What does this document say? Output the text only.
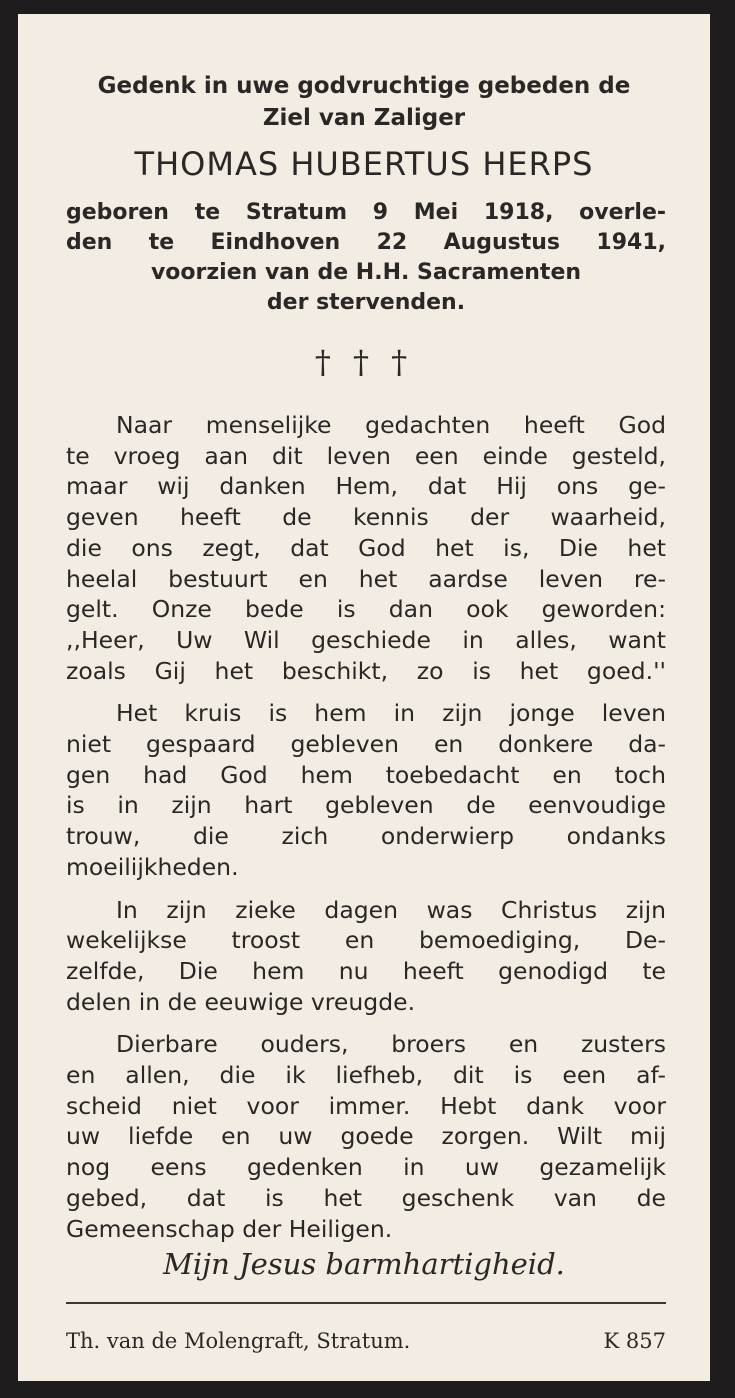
Gedenk in uwe godvruchtige gebeden de
Ziel van Zaliger
THOMAS HUBERTUS HERPS
geboren te Stratum 9 Mei 1918, overle-
den te Eindhoven 22 Augustus 1941,
voorzien van de H.H. Sacramenten
der stervenden.
† † †
Naar menselijke gedachten heeft God
te vroeg aan dit leven een einde gesteld,
maar wij danken Hem, dat Hij ons ge-
geven heeft de kennis der waarheid,
die ons zegt, dat God het is, Die het
heelal bestuurt en het aardse leven re-
gelt. Onze bede is dan ook geworden:
,,Heer, Uw Wil geschiede in alles, want
zoals Gij het beschikt, zo is het goed.''
Het kruis is hem in zijn jonge leven
niet gespaard gebleven en donkere da-
gen had God hem toebedacht en toch
is in zijn hart gebleven de eenvoudige
trouw, die zich onderwierp ondanks
moeilijkheden.
In zijn zieke dagen was Christus zijn
wekelijkse troost en bemoediging, De-
zelfde, Die hem nu heeft genodigd te
delen in de eeuwige vreugde.
Dierbare ouders, broers en zusters
en allen, die ik liefheb, dit is een af-
scheid niet voor immer. Hebt dank voor
uw liefde en uw goede zorgen. Wilt mij
nog eens gedenken in uw gezamelijk
gebed, dat is het geschenk van de
Gemeenschap der Heiligen.
Mijn Jesus barmhartigheid.
Th. van de Molengraft, Stratum.	K 857
